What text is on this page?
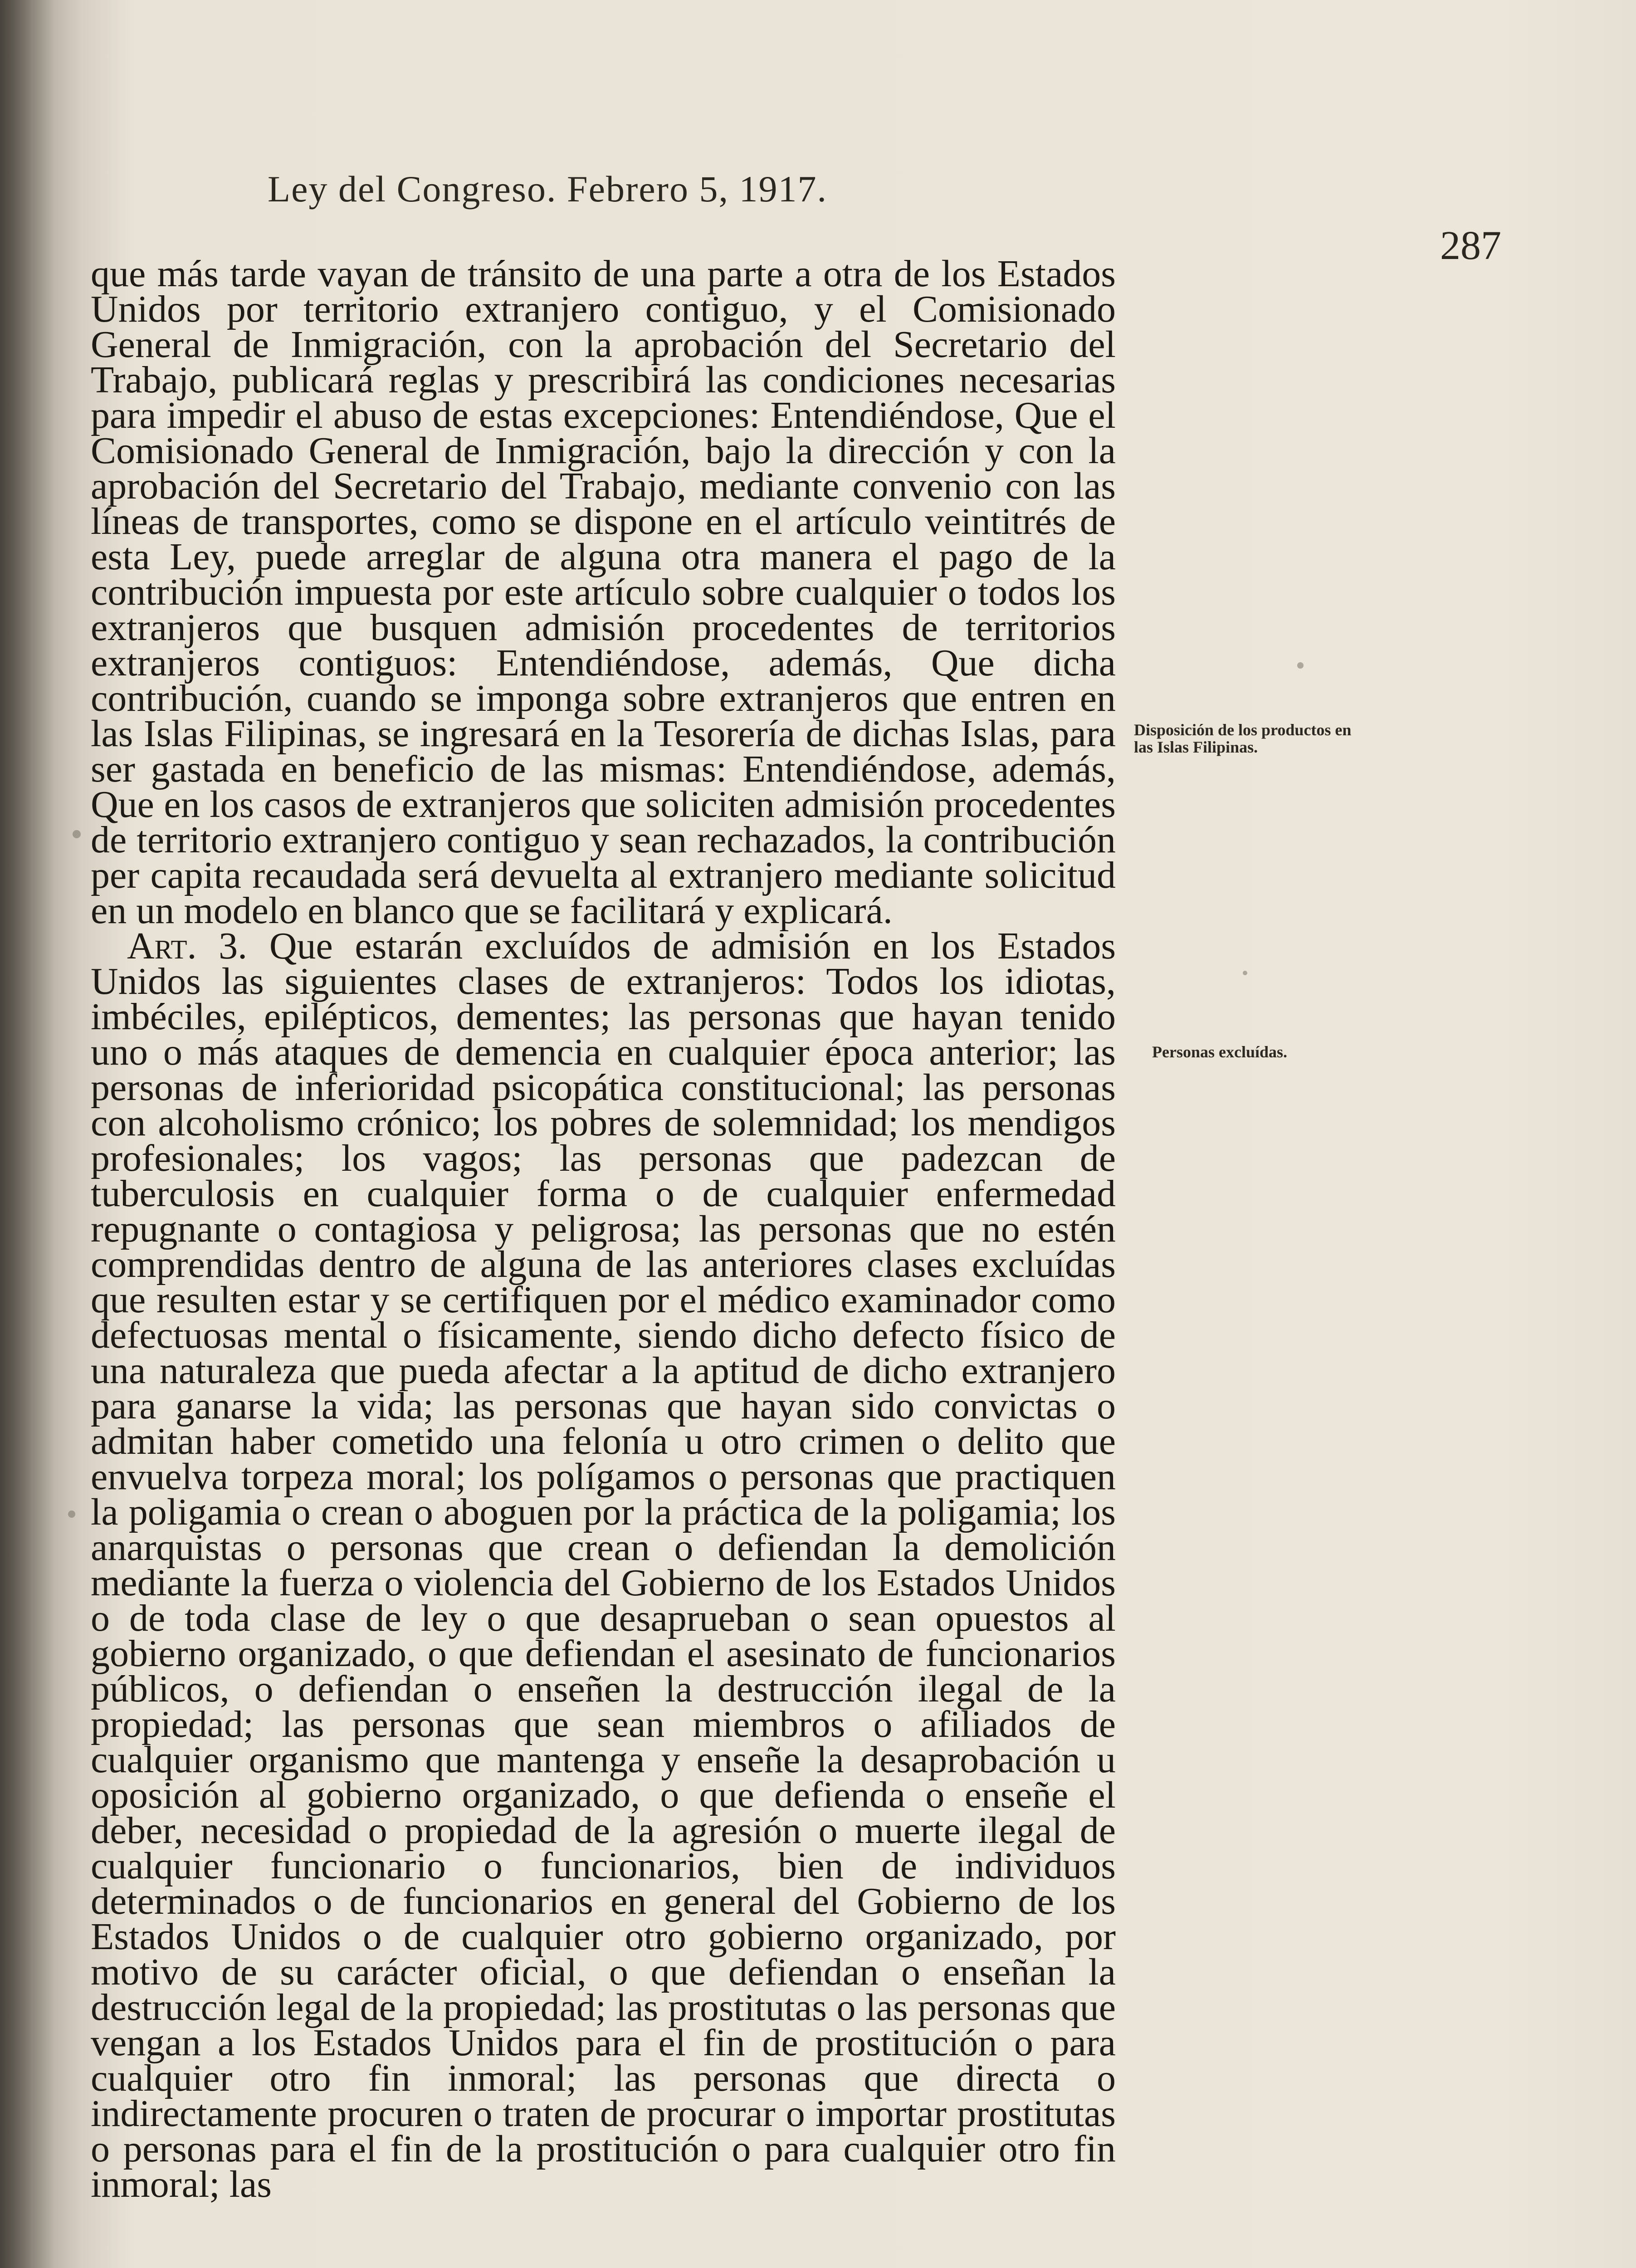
Ley del Congreso. Febrero 5, 1917.
287

que más tarde vayan de tránsito de una parte a otra de los Estados Unidos por territorio extranjero contiguo, y el Comisionado General de Inmigración, con la aprobación del Secretario del Trabajo, publicará reglas y prescribirá las condiciones necesarias para impedir el abuso de estas excepciones: Entendiéndose, Que el Comisionado General de Inmigración, bajo la dirección y con la aprobación del Secretario del Trabajo, mediante convenio con las líneas de transportes, como se dispone en el artículo veintitrés de esta Ley, puede arreglar de alguna otra manera el pago de la contribución impuesta por este artículo sobre cualquier o todos los extranjeros que busquen admisión procedentes de territorios extranjeros contiguos: Entendiéndose, además, Que dicha contribución, cuando se imponga sobre extranjeros que entren en las Islas Filipinas, se ingresará en la Tesorería de dichas Islas, para ser gastada en beneficio de las mismas: Entendiéndose, además, Que en los casos de extranjeros que soliciten admisión procedentes de territorio extranjero contiguo y sean rechazados, la contribución per capita recaudada será devuelta al extranjero mediante solicitud en un modelo en blanco que se facilitará y explicará.

Art. 3. Que estarán excluídos de admisión en los Estados Unidos las siguientes clases de extranjeros: Todos los idiotas, imbéciles, epilépticos, dementes; las personas que hayan tenido uno o más ataques de demencia en cualquier época anterior; las personas de inferioridad psicopática constitucional; las personas con alcoholismo crónico; los pobres de solemnidad; los mendigos profesionales; los vagos; las personas que padezcan de tuberculosis en cualquier forma o de cualquier enfermedad repugnante o contagiosa y peligrosa; las personas que no estén comprendidas dentro de alguna de las anteriores clases excluídas que resulten estar y se certifiquen por el médico examinador como defectuosas mental o físicamente, siendo dicho defecto físico de una naturaleza que pueda afectar a la aptitud de dicho extranjero para ganarse la vida; las personas que hayan sido convictas o admitan haber cometido una felonía u otro crimen o delito que envuelva torpeza moral; los polígamos o personas que practiquen la poligamia o crean o aboguen por la práctica de la poligamia; los anarquistas o personas que crean o defiendan la demolición mediante la fuerza o violencia del Gobierno de los Estados Unidos o de toda clase de ley o que desaprueban o sean opuestos al gobierno organizado, o que defiendan el asesinato de funcionarios públicos, o defiendan o enseñen la destrucción ilegal de la propiedad; las personas que sean miembros o afiliados de cualquier organismo que mantenga y enseñe la desaprobación u oposición al gobierno organizado, o que defienda o enseñe el deber, necesidad o propiedad de la agresión o muerte ilegal de cualquier funcionario o funcionarios, bien de individuos determinados o de funcionarios en general del Gobierno de los Estados Unidos o de cualquier otro gobierno organizado, por motivo de su carácter oficial, o que defiendan o enseñan la destrucción legal de la propiedad; las prostitutas o las personas que vengan a los Estados Unidos para el fin de prostitución o para cualquier otro fin inmoral; las personas que directa o indirectamente procuren o traten de procurar o importar prostitutas o personas para el fin de la prostitución o para cualquier otro fin inmoral; las

Disposición de los productos en las Islas Filipinas.
Personas excluídas.
